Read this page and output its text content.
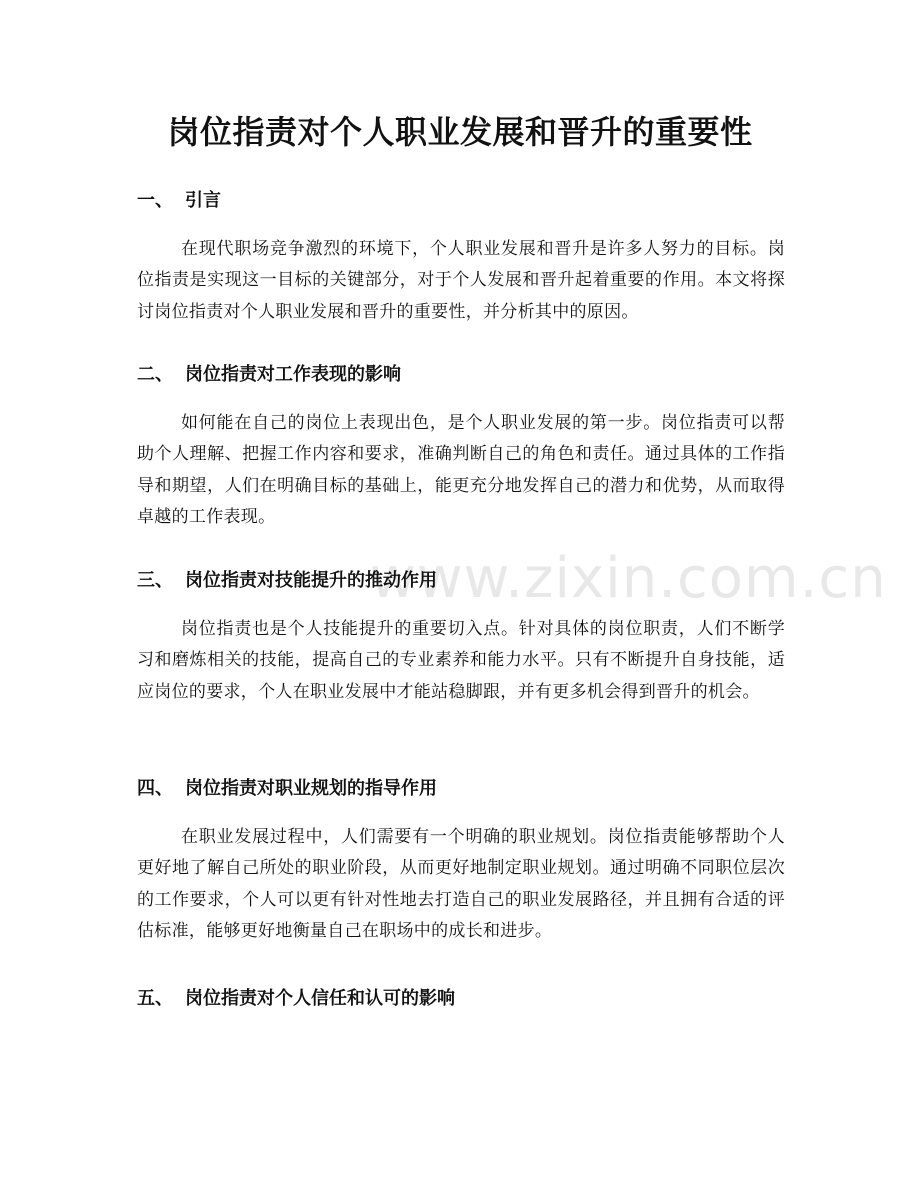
岗位指责对个人职业发展和晋升的重要性
www.zixin.com.cn
一、 引言

在现代职场竞争激烈的环境下，个人职业发展和晋升是许多人努力的目标。岗位指责是实现这一目标的关键部分，对于个人发展和晋升起着重要的作用。本文将探讨岗位指责对个人职业发展和晋升的重要性，并分析其中的原因。

二、 岗位指责对工作表现的影响

如何能在自己的岗位上表现出色，是个人职业发展的第一步。岗位指责可以帮助个人理解、把握工作内容和要求，准确判断自己的角色和责任。通过具体的工作指导和期望，人们在明确目标的基础上，能更充分地发挥自己的潜力和优势，从而取得卓越的工作表现。

三、 岗位指责对技能提升的推动作用

岗位指责也是个人技能提升的重要切入点。针对具体的岗位职责，人们不断学习和磨炼相关的技能，提高自己的专业素养和能力水平。只有不断提升自身技能，适应岗位的要求，个人在职业发展中才能站稳脚跟，并有更多机会得到晋升的机会。

四、 岗位指责对职业规划的指导作用

在职业发展过程中，人们需要有一个明确的职业规划。岗位指责能够帮助个人更好地了解自己所处的职业阶段，从而更好地制定职业规划。通过明确不同职位层次的工作要求，个人可以更有针对性地去打造自己的职业发展路径，并且拥有合适的评估标准，能够更好地衡量自己在职场中的成长和进步。

五、 岗位指责对个人信任和认可的影响
